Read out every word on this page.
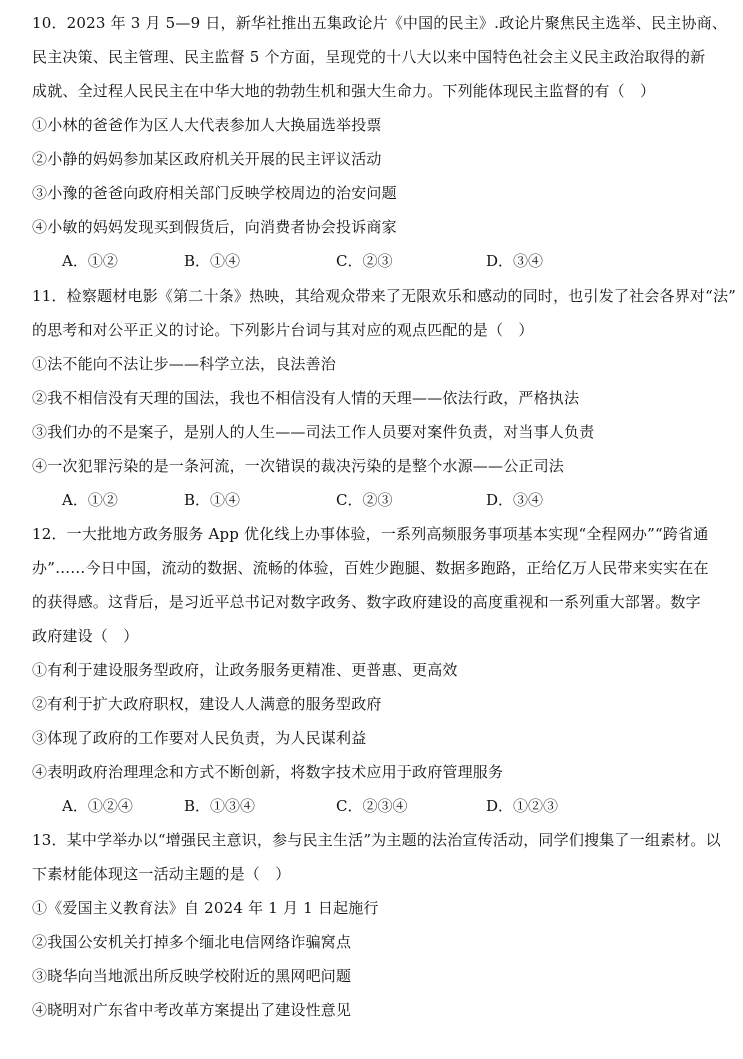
10．2023 年 3 月 5—9 日，新华社推出五集政论片《中国的民主》.政论片聚焦民主选举、民主协商、
民主决策、民主管理、民主监督 5 个方面，呈现党的十八大以来中国特色社会主义民主政治取得的新
成就、全过程人民民主在中华大地的勃勃生机和强大生命力。下列能体现民主监督的有（　）
①小林的爸爸作为区人大代表参加人大换届选举投票
②小静的妈妈参加某区政府机关开展的民主评议活动
③小豫的爸爸向政府相关部门反映学校周边的治安问题
④小敏的妈妈发现买到假货后，向消费者协会投诉商家
A．①②	B．①④	C．②③	D．③④
11．检察题材电影《第二十条》热映，其给观众带来了无限欢乐和感动的同时，也引发了社会各界对“法”
的思考和对公平正义的讨论。下列影片台词与其对应的观点匹配的是（　）
①法不能向不法让步——科学立法，良法善治
②我不相信没有天理的国法，我也不相信没有人情的天理——依法行政，严格执法
③我们办的不是案子，是别人的人生——司法工作人员要对案件负责，对当事人负责
④一次犯罪污染的是一条河流，一次错误的裁决污染的是整个水源——公正司法
A．①②	B．①④	C．②③	D．③④
12．一大批地方政务服务 App 优化线上办事体验，一系列高频服务事项基本实现“全程网办”“跨省通
办”……今日中国，流动的数据、流畅的体验，百姓少跑腿、数据多跑路，正给亿万人民带来实实在在
的获得感。这背后，是习近平总书记对数字政务、数字政府建设的高度重视和一系列重大部署。数字
政府建设（　）
①有利于建设服务型政府，让政务服务更精准、更普惠、更高效
②有利于扩大政府职权，建设人人满意的服务型政府
③体现了政府的工作要对人民负责，为人民谋利益
④表明政府治理理念和方式不断创新，将数字技术应用于政府管理服务
A．①②④	B．①③④	C．②③④	D．①②③
13．某中学举办以“增强民主意识，参与民主生活”为主题的法治宣传活动，同学们搜集了一组素材。以
下素材能体现这一活动主题的是（　）
①《爱国主义教育法》自 2024 年 1 月 1 日起施行
②我国公安机关打掉多个缅北电信网络诈骗窝点
③晓华向当地派出所反映学校附近的黑网吧问题
④晓明对广东省中考改革方案提出了建设性意见
